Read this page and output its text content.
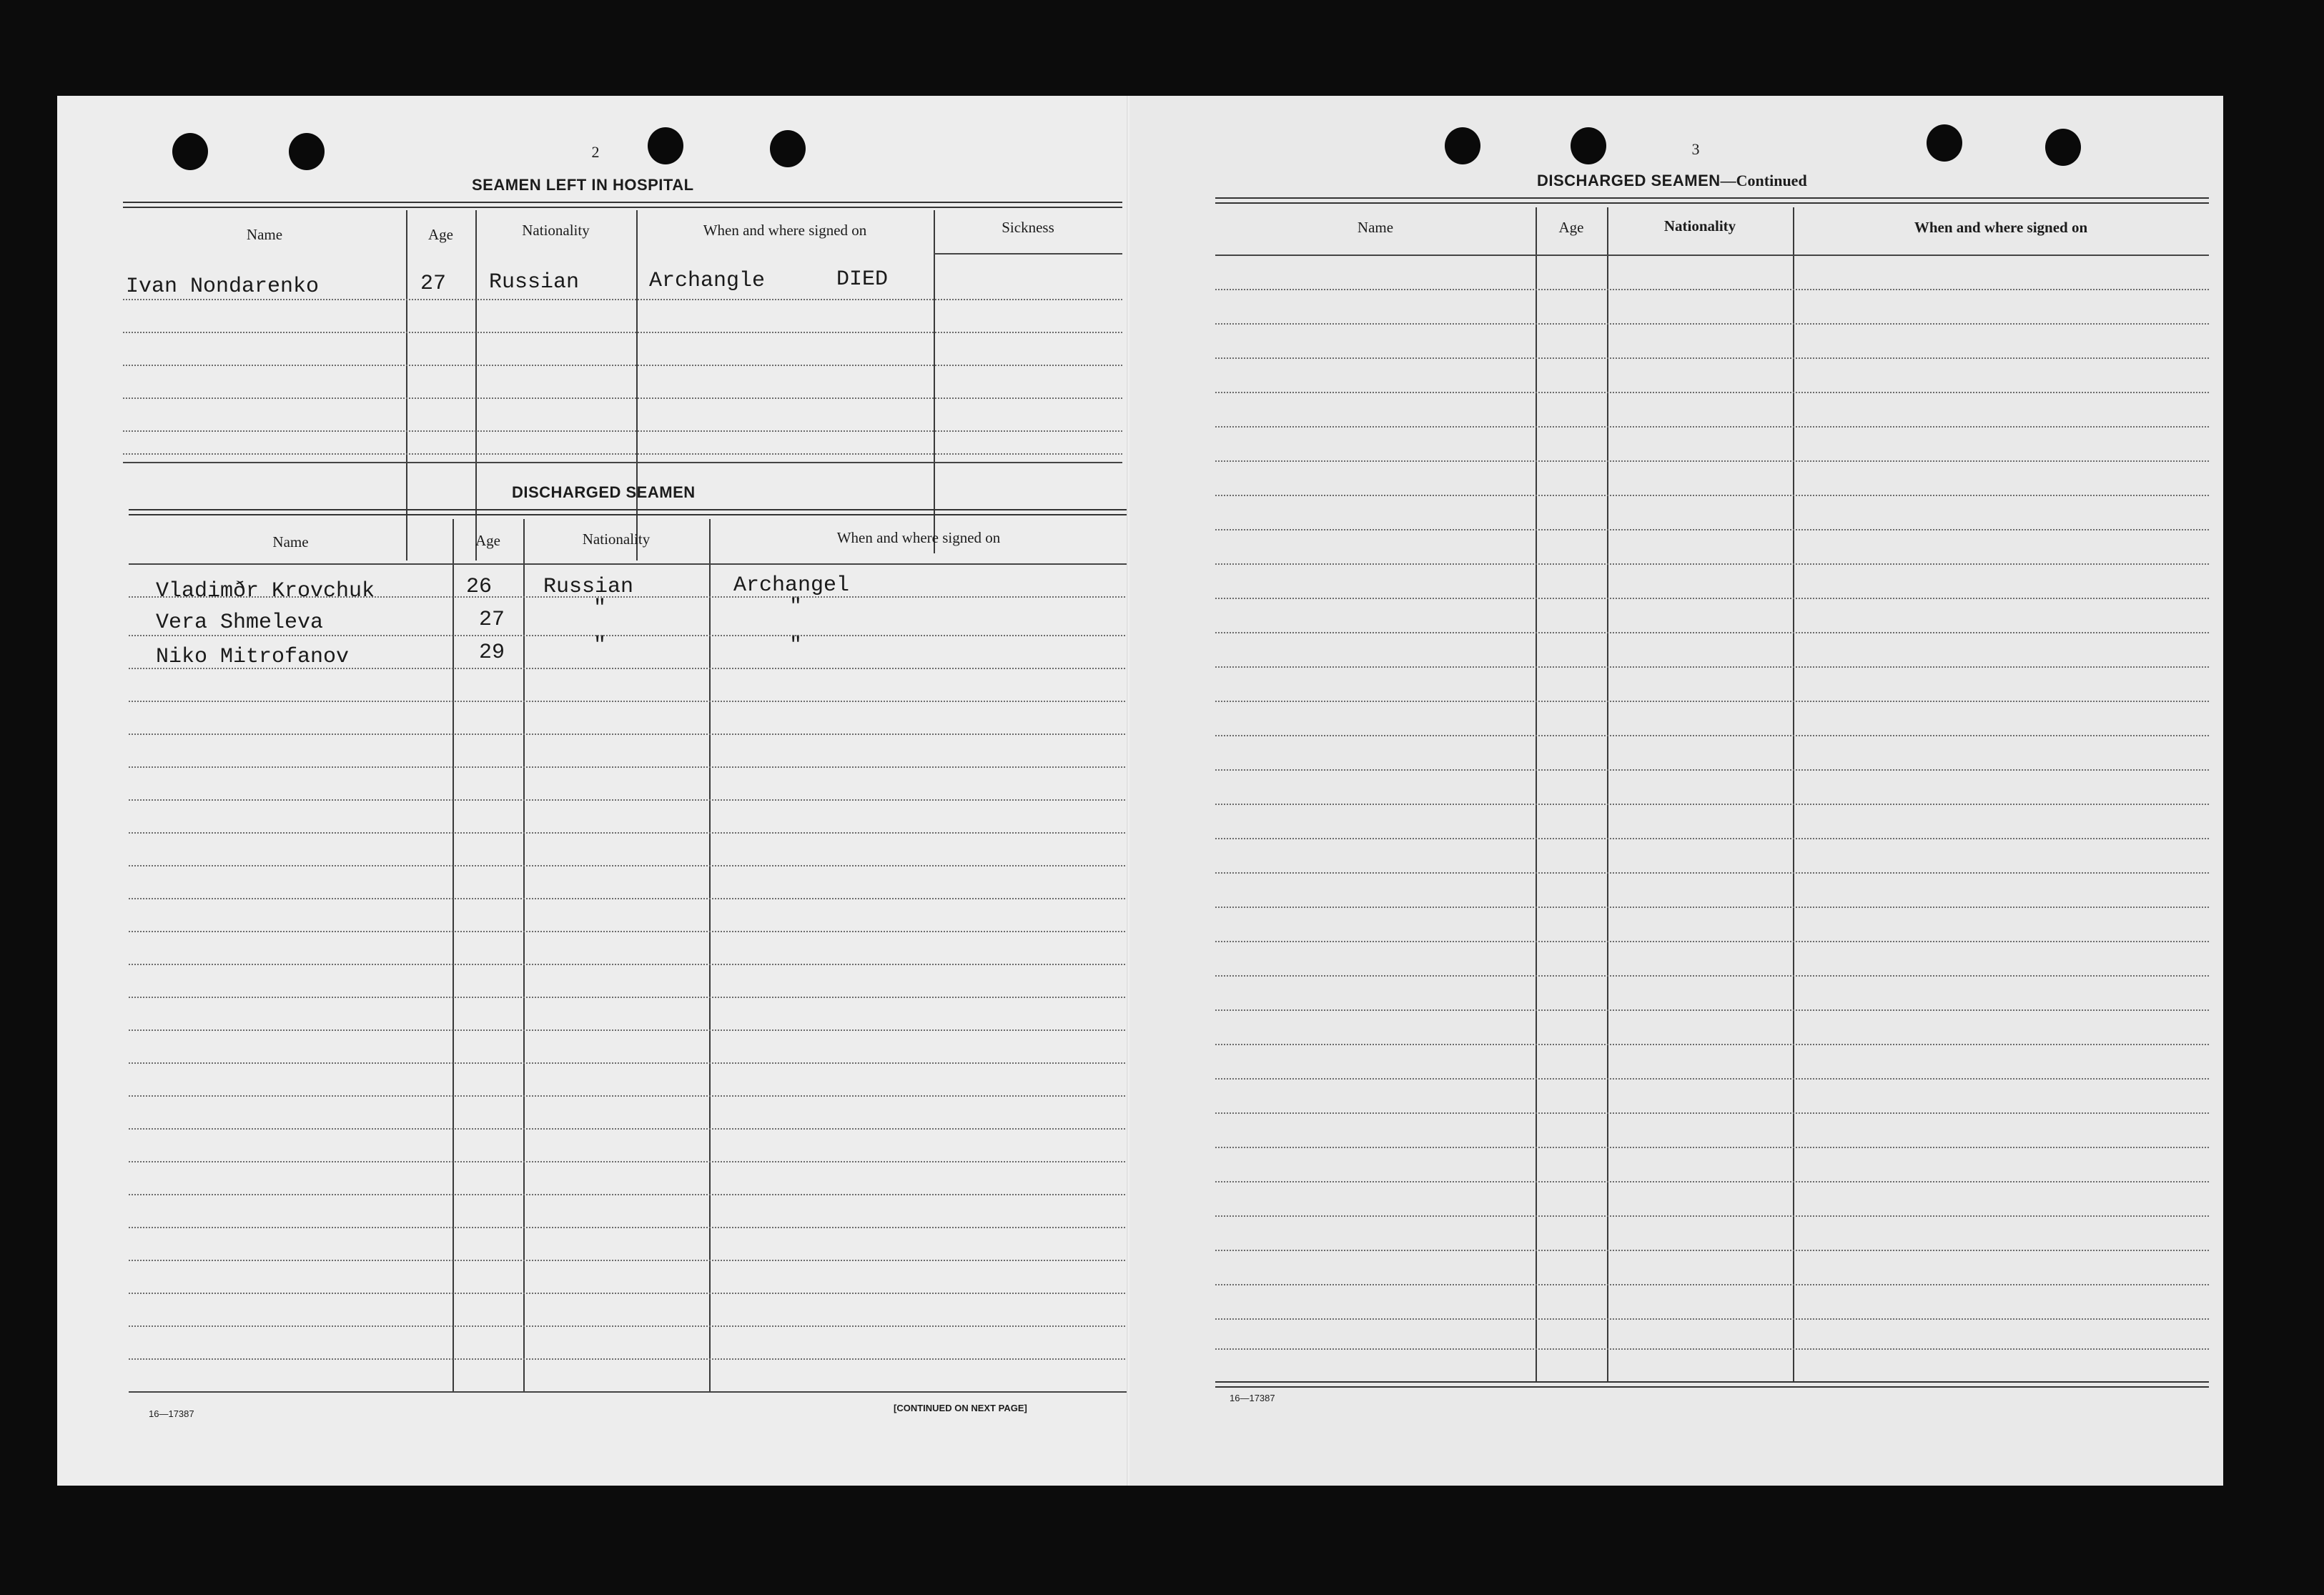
2
SEAMEN LEFT IN HOSPITAL
Name	Age	Nationality	When and where signed on	Sickness
Ivan Nondarenko	27 Russian	Archangle	DIED
DISCHARGED SEAMEN
Name	Age	Nationality	When and where signed on
Vladimðr Krovchuk	26 Russian	Archangel
Vera Shmeleva	27	"	"
Niko Mitrofanov	29	"	"
16—17387
[CONTINUED ON NEXT PAGE]
3
DISCHARGED SEAMEN—Continued
Name	Age	Nationality	When and where signed on
16—17387
